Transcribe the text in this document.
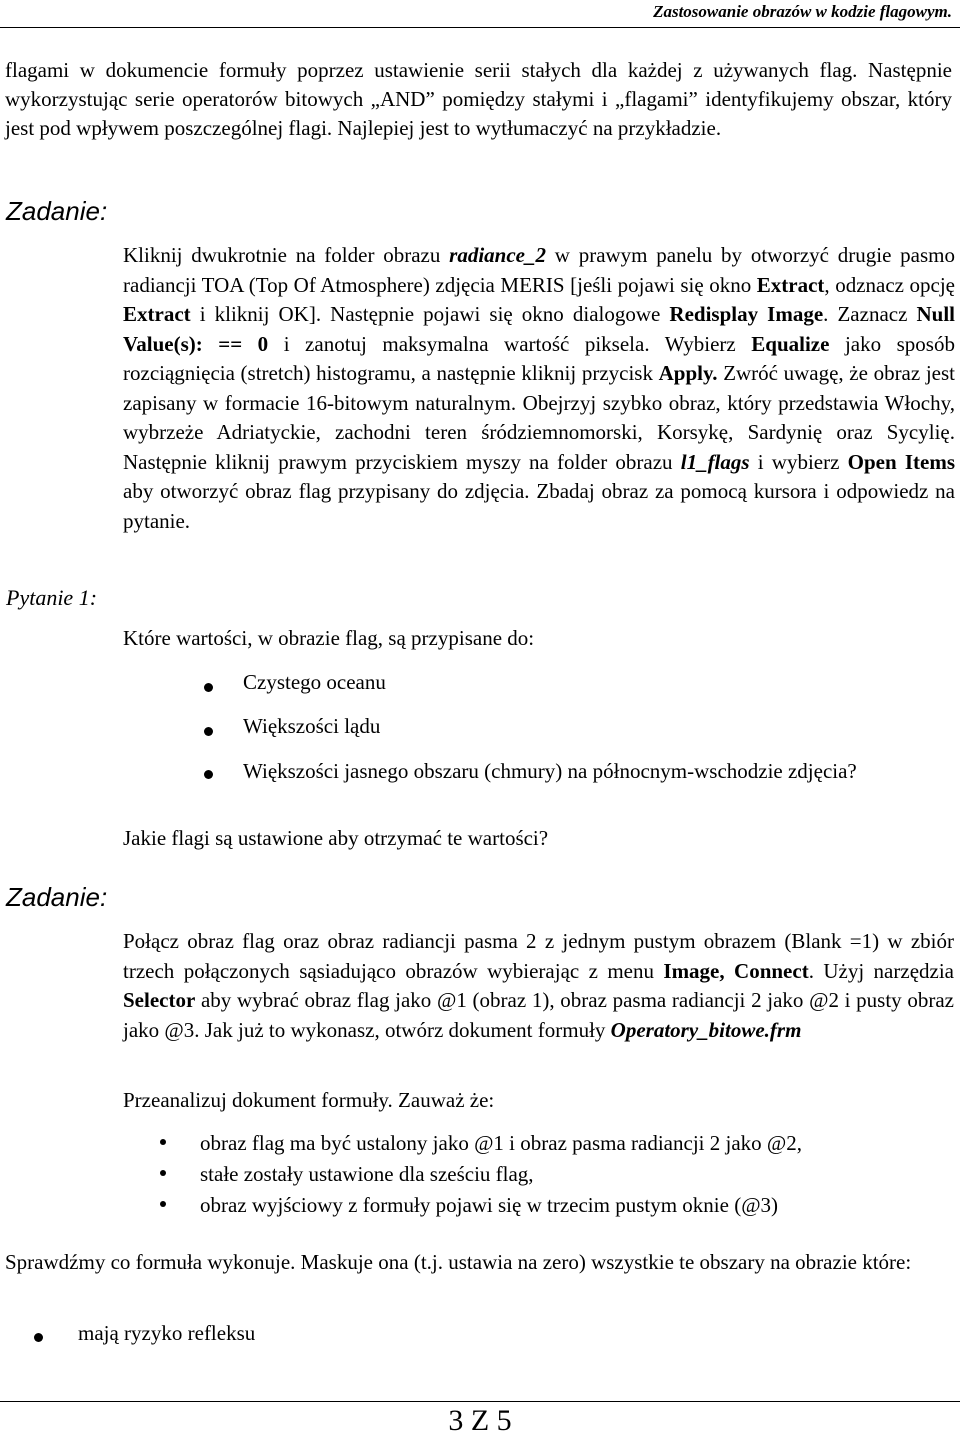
Zastosowanie obrazów w kodzie flagowym.
flagami w dokumencie formuły poprzez ustawienie serii stałych dla każdej z używanych flag. Następnie wykorzystując serie operatorów bitowych „AND” pomiędzy stałymi i „flagami” identyfikujemy obszar, który jest pod wpływem poszczególnej flagi. Najlepiej jest to wytłumaczyć na przykładzie.
Zadanie:
Kliknij dwukrotnie na folder obrazu radiance_2 w prawym panelu by otworzyć drugie pasmo radiancji TOA (Top Of Atmosphere) zdjęcia MERIS [jeśli pojawi się okno Extract, odznacz opcję Extract i kliknij OK]. Następnie pojawi się okno dialogowe Redisplay Image. Zaznacz Null Value(s): == 0 i zanotuj maksymalna wartość piksela. Wybierz Equalize jako sposób rozciągnięcia (stretch) histogramu, a następnie kliknij przycisk Apply. Zwróć uwagę, że obraz jest zapisany w formacie 16-bitowym naturalnym. Obejrzyj szybko obraz, który przedstawia Włochy, wybrzeże Adriatyckie, zachodni teren śródziemnomorski, Korsykę, Sardynię oraz Sycylię. Następnie kliknij prawym przyciskiem myszy na folder obrazu l1_flags i wybierz Open Items aby otworzyć obraz flag przypisany do zdjęcia. Zbadaj obraz za pomocą kursora i odpowiedz na pytanie.
Pytanie 1:
Które wartości, w obrazie flag, są przypisane do:
Czystego oceanu
Większości lądu
Większości jasnego obszaru (chmury) na północnym-wschodzie zdjęcia?
Jakie flagi są ustawione aby otrzymać te wartości?
Zadanie:
Połącz obraz flag oraz obraz radiancji pasma 2 z jednym pustym obrazem (Blank =1) w zbiór trzech połączonych sąsiadująco obrazów wybierając z menu Image, Connect. Użyj narzędzia Selector aby wybrać obraz flag jako @1 (obraz 1), obraz pasma radiancji 2 jako @2 i pusty obraz jako @3. Jak już to wykonasz, otwórz dokument formuły Operatory_bitowe.frm
Przeanalizuj dokument formuły. Zauważ że:
obraz flag ma być ustalony jako @1 i obraz pasma radiancji 2 jako @2,
stałe zostały ustawione dla sześciu flag,
obraz wyjściowy z formuły pojawi się w trzecim pustym oknie (@3)
Sprawdźmy co formuła wykonuje. Maskuje ona (t.j. ustawia na zero) wszystkie te obszary na obrazie które:
mają ryzyko refleksu
3 Z 5
